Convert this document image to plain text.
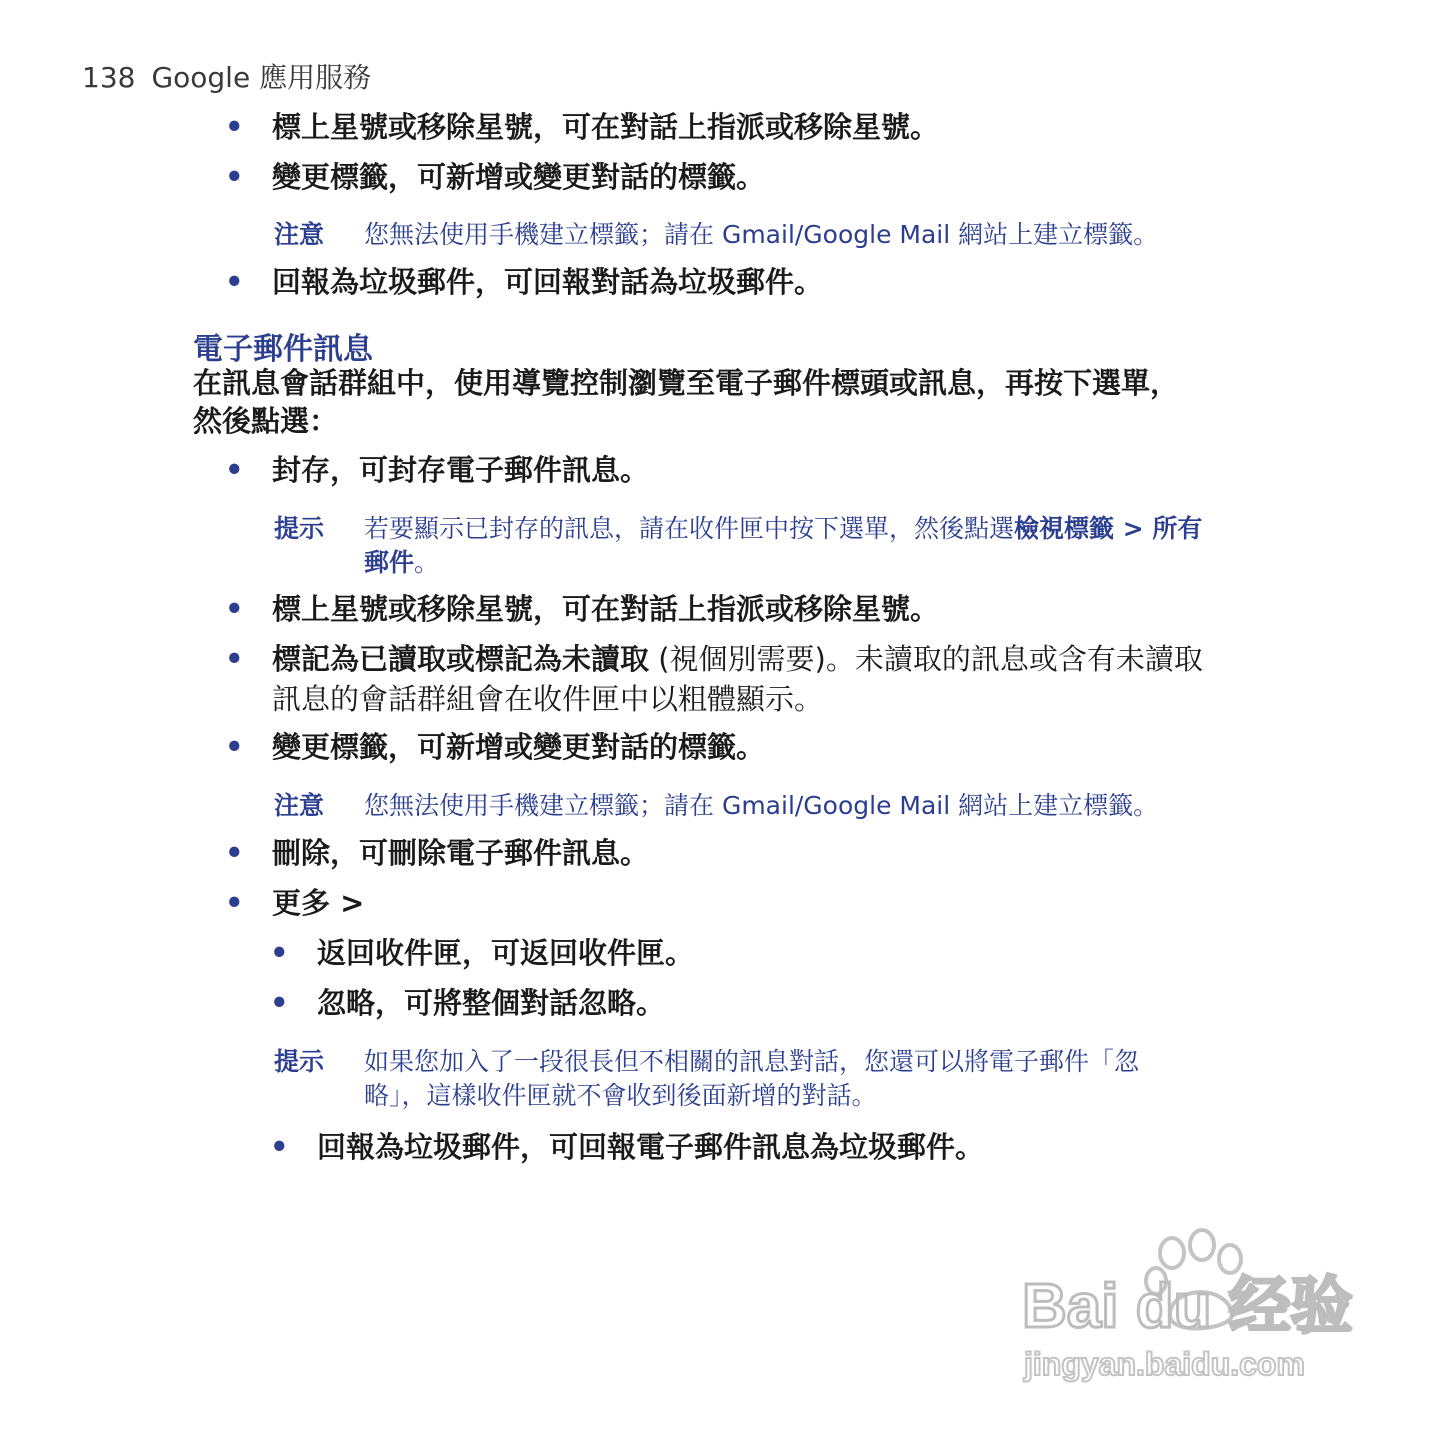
138 Google 應用服務
• 標上星號或移除星號，可在對話上指派或移除星號。
• 變更標籤，可新增或變更對話的標籤。
注意 您無法使用手機建立標籤；請在 Gmail/Google Mail 網站上建立標籤。
• 回報為垃圾郵件，可回報對話為垃圾郵件。
電子郵件訊息
在訊息會話群組中，使用導覽控制瀏覽至電子郵件標頭或訊息，再按下選單，
然後點選：
• 封存，可封存電子郵件訊息。
提示 若要顯示已封存的訊息，請在收件匣中按下選單，然後點選檢視標籤 > 所有
郵件。
• 標上星號或移除星號，可在對話上指派或移除星號。
• 標記為已讀取或標記為未讀取 (視個別需要)。未讀取的訊息或含有未讀取
訊息的會話群組會在收件匣中以粗體顯示。
• 變更標籤，可新增或變更對話的標籤。
注意 您無法使用手機建立標籤；請在 Gmail/Google Mail 網站上建立標籤。
• 刪除，可刪除電子郵件訊息。
• 更多 >
• 返回收件匣，可返回收件匣。
• 忽略，可將整個對話忽略。
提示 如果您加入了一段很長但不相關的訊息對話，您還可以將電子郵件「忽
略」，這樣收件匣就不會收到後面新增的對話。
• 回報為垃圾郵件，可回報電子郵件訊息為垃圾郵件。
Bai du 经验
jingyan.baidu.com
